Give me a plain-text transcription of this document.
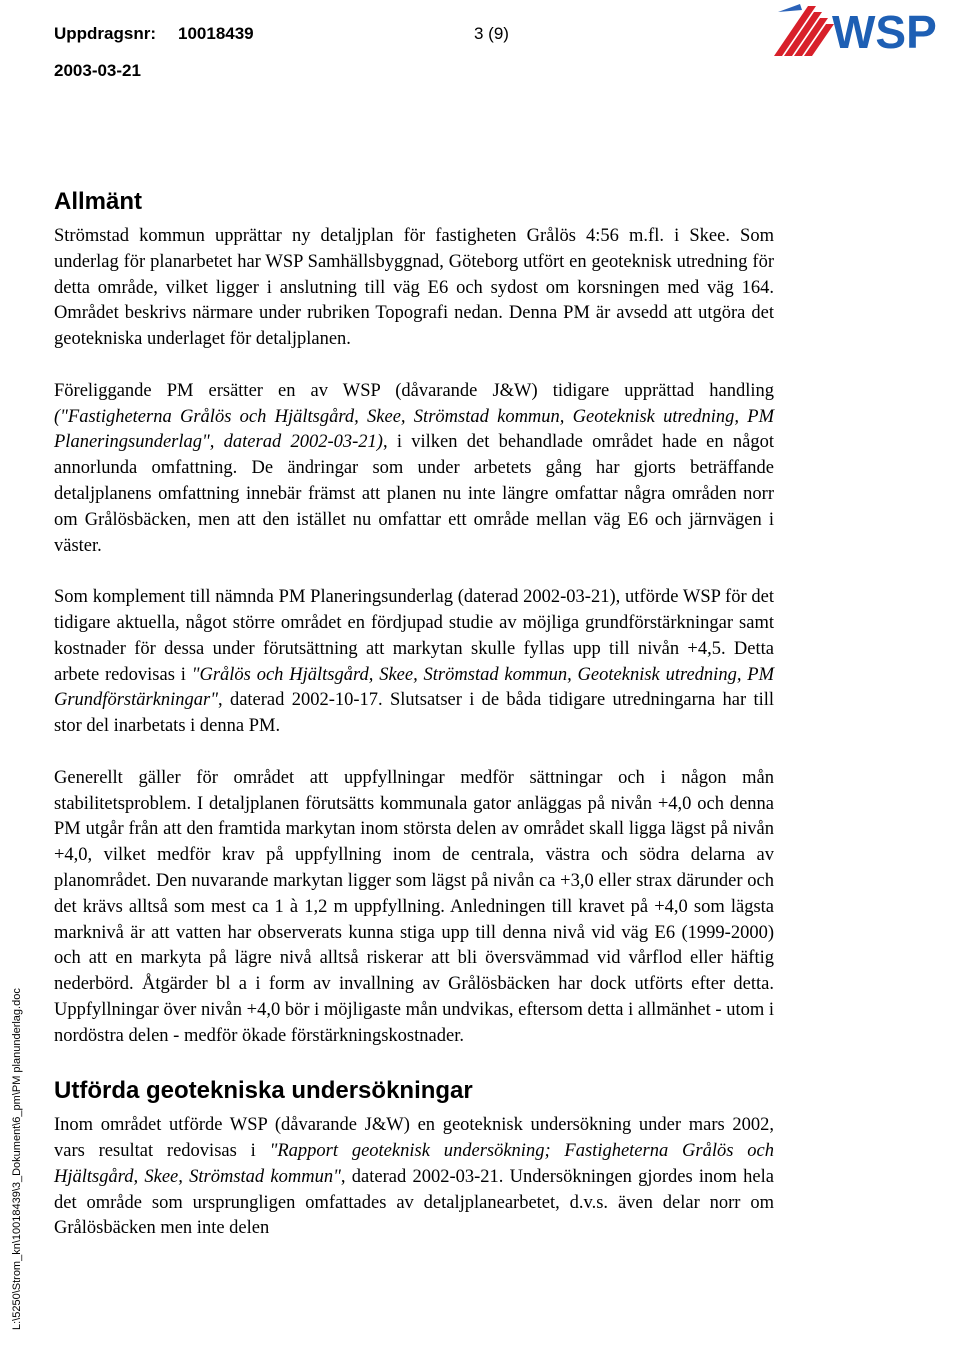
Uppdragsnr: 10018439	3 (9)
2003-03-21
WSP
L:\5250\Strom_kn\10018439\3_Dokument\6_pm\PM planunderlag.doc
Allmänt

Strömstad kommun upprättar ny detaljplan för fastigheten Grålös 4:56 m.fl. i Skee. Som underlag för planarbetet har WSP Samhällsbyggnad, Göteborg utfört en geoteknisk utredning för detta område, vilket ligger i anslutning till väg E6 och sydost om korsningen med väg 164. Området beskrivs närmare under rubriken Topografi nedan. Denna PM är avsedd att utgöra det geotekniska underlaget för detaljplanen.

Föreliggande PM ersätter en av WSP (dåvarande J&W) tidigare upprättad handling ("Fastigheterna Grålös och Hjältsgård, Skee, Strömstad kommun, Geoteknisk utredning, PM Planeringsunderlag", daterad 2002-03-21), i vilken det behandlade området hade en något annorlunda omfattning. De ändringar som under arbetets gång har gjorts beträffande detaljplanens omfattning innebär främst att planen nu inte längre omfattar några områden norr om Grålösbäcken, men att den istället nu omfattar ett område mellan väg E6 och järnvägen i väster.

Som komplement till nämnda PM Planeringsunderlag (daterad 2002-03-21), utförde WSP för det tidigare aktuella, något större området en fördjupad studie av möjliga grundförstärkningar samt kostnader för dessa under förutsättning att markytan skulle fyllas upp till nivån +4,5. Detta arbete redovisas i "Grålös och Hjältsgård, Skee, Strömstad kommun, Geoteknisk utredning, PM Grundförstärkningar", daterad 2002-10-17. Slutsatser i de båda tidigare utredningarna har till stor del inarbetats i denna PM.

Generellt gäller för området att uppfyllningar medför sättningar och i någon mån stabilitetsproblem. I detaljplanen förutsätts kommunala gator anläggas på nivån +4,0 och denna PM utgår från att den framtida markytan inom största delen av området skall ligga lägst på nivån +4,0, vilket medför krav på uppfyllning inom de centrala, västra och södra delarna av planområdet. Den nuvarande markytan ligger som lägst på nivån ca +3,0 eller strax därunder och det krävs alltså som mest ca 1 à 1,2 m uppfyllning. Anledningen till kravet på +4,0 som lägsta marknivå är att vatten har observerats kunna stiga upp till denna nivå vid väg E6 (1999-2000) och att en markyta på lägre nivå alltså riskerar att bli översvämmad vid vårflod eller häftig nederbörd. Åtgärder bl a i form av invallning av Grålösbäcken har dock utförts efter detta. Uppfyllningar över nivån +4,0 bör i möjligaste mån undvikas, eftersom detta i allmänhet - utom i nordöstra delen - medför ökade förstärkningskostnader.

Utförda geotekniska undersökningar

Inom området utförde WSP (dåvarande J&W) en geoteknisk undersökning under mars 2002, vars resultat redovisas i "Rapport geoteknisk undersökning; Fastigheterna Grålös och Hjältsgård, Skee, Strömstad kommun", daterad 2002-03-21. Undersökningen gjordes inom hela det område som ursprungligen omfattades av detaljplanearbetet, d.v.s. även delar norr om Grålösbäcken men inte delen
